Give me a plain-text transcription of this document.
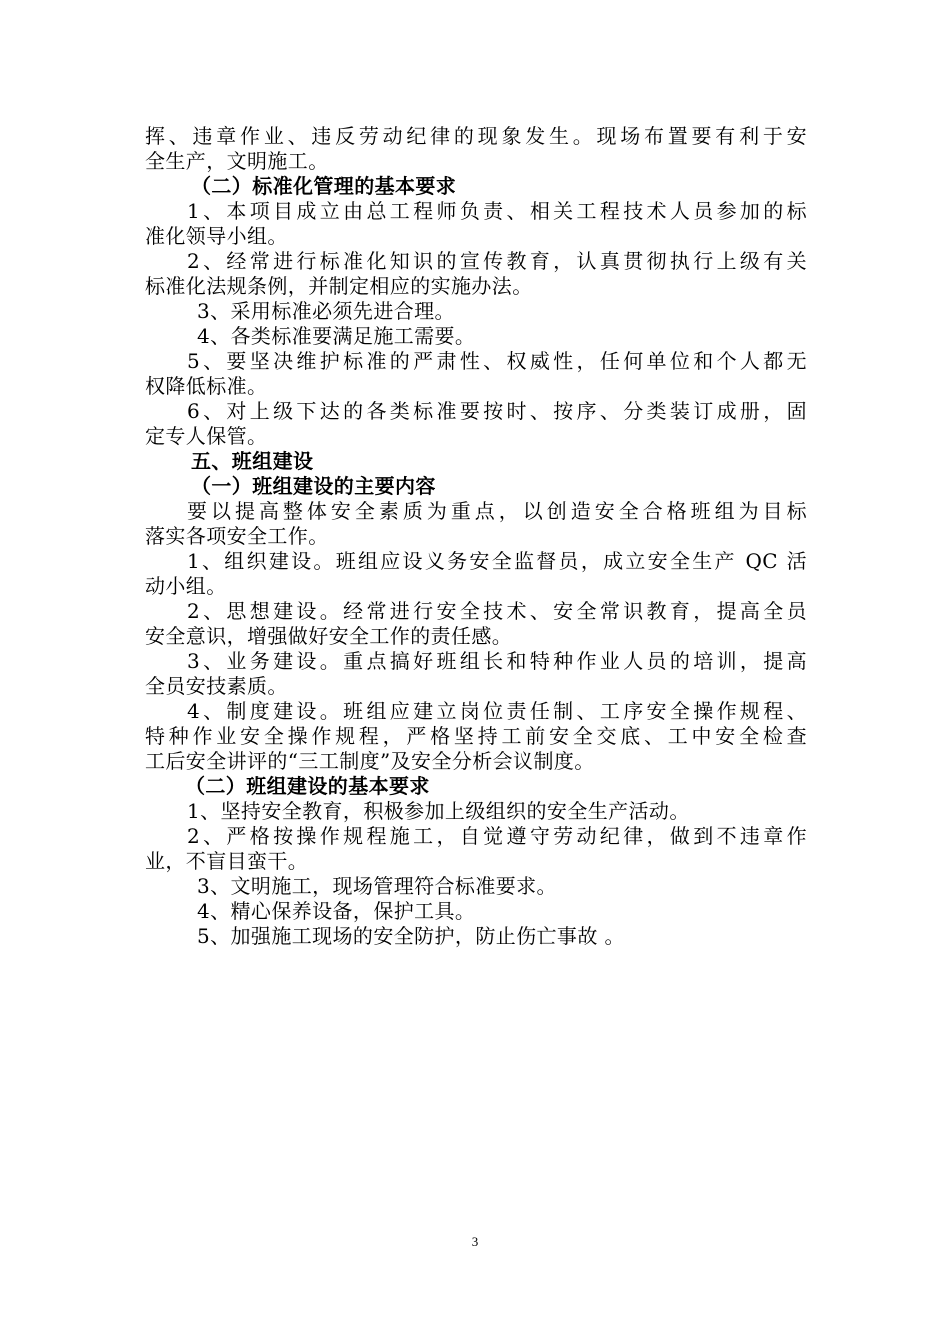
挥、违章作业、违反劳动纪律的现象发生。现场布置要有利于安
全生产，文明施工。
（二）标准化管理的基本要求
1、本项目成立由总工程师负责、相关工程技术人员参加的标
准化领导小组。
2、经常进行标准化知识的宣传教育，认真贯彻执行上级有关
标准化法规条例，并制定相应的实施办法。
3、采用标准必须先进合理。
4、各类标准要满足施工需要。
5、要坚决维护标准的严肃性、权威性，任何单位和个人都无
权降低标准。
6、对上级下达的各类标准要按时、按序、分类装订成册，固
定专人保管。
五、班组建设
（一）班组建设的主要内容
要以提高整体安全素质为重点，以创造安全合格班组为目标
落实各项安全工作。
1、组织建设。班组应设义务安全监督员，成立安全生产 QC 活
动小组。
2、思想建设。经常进行安全技术、安全常识教育，提高全员
安全意识，增强做好安全工作的责任感。
3、业务建设。重点搞好班组长和特种作业人员的培训，提高
全员安技素质。
4、制度建设。班组应建立岗位责任制、工序安全操作规程、
特种作业安全操作规程，严格坚持工前安全交底、工中安全检查
工后安全讲评的“三工制度”及安全分析会议制度。
（二）班组建设的基本要求
1、坚持安全教育，积极参加上级组织的安全生产活动。
2、严格按操作规程施工，自觉遵守劳动纪律，做到不违章作
业，不盲目蛮干。
3、文明施工，现场管理符合标准要求。
4、精心保养设备，保护工具。
5、加强施工现场的安全防护，防止伤亡事故 。
3
